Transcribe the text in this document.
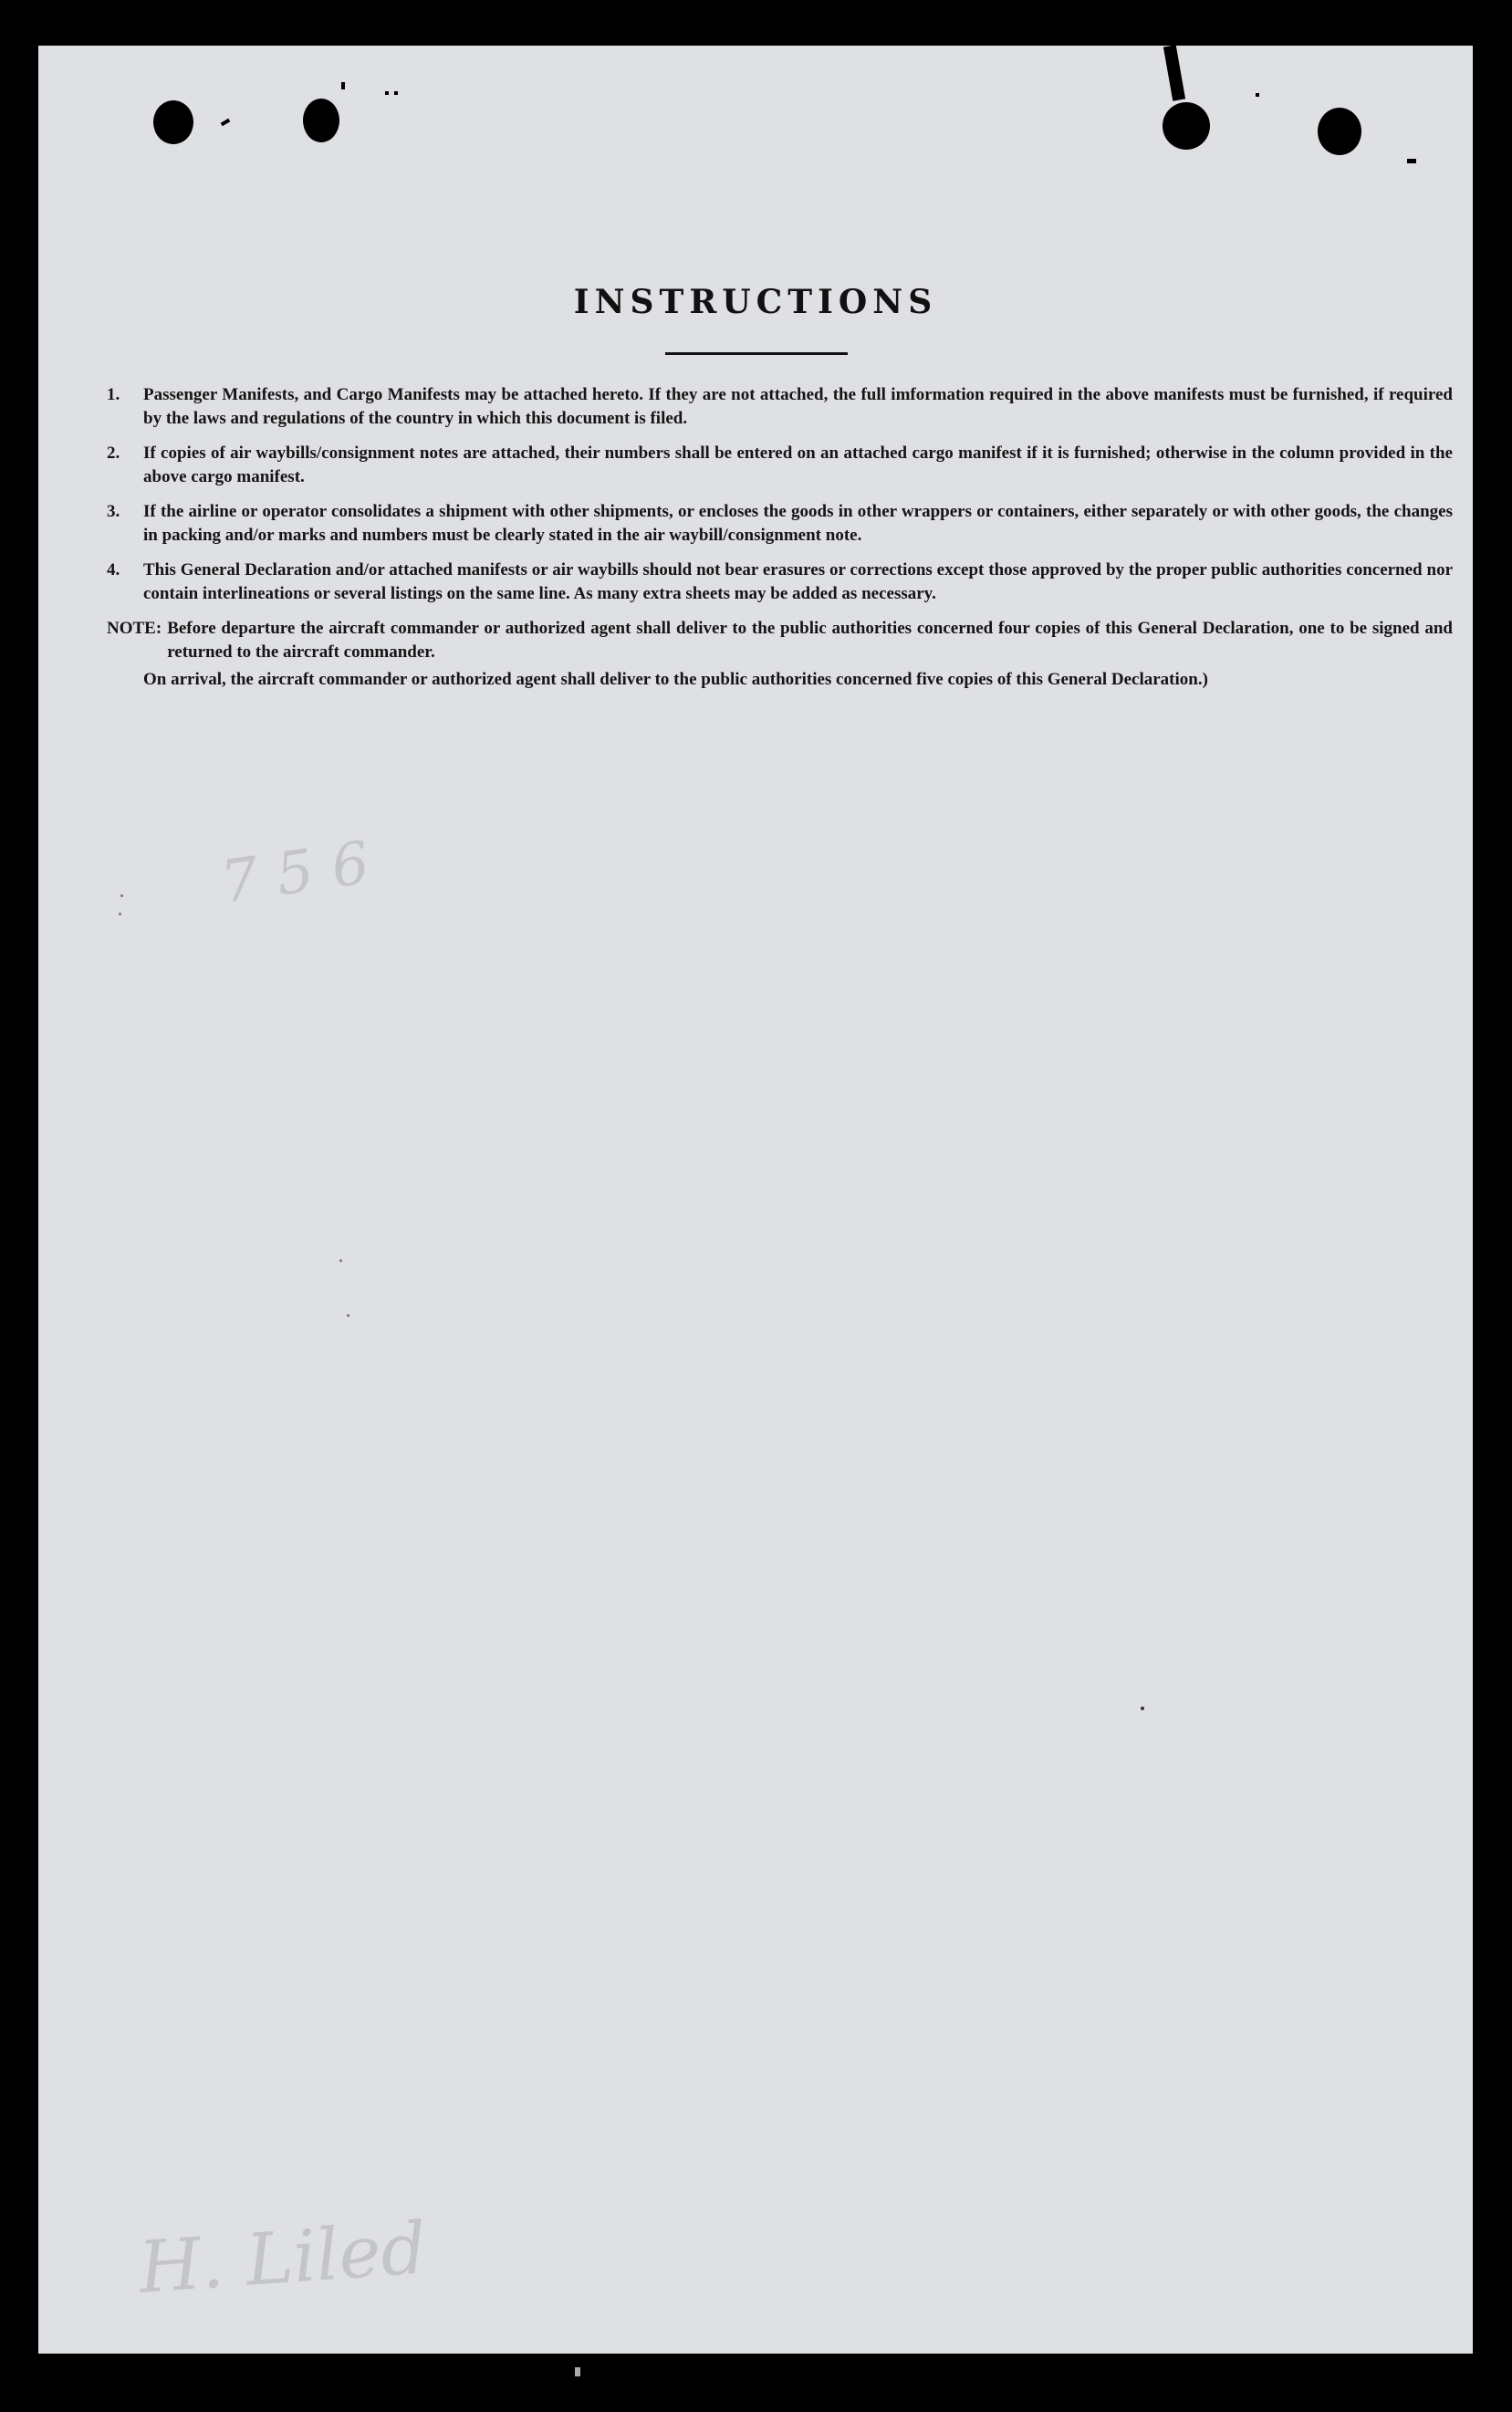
INSTRUCTIONS
1.	Passenger Manifests, and Cargo Manifests may be attached hereto. If they are not attached, the full imformation required in the above manifests must be furnished, if required by the laws and regulations of the country in which this document is filed.
2.	If copies of air waybills/consignment notes are attached, their numbers shall be entered on an attached cargo manifest if it is furnished; otherwise in the column provided in the above cargo manifest.
3.	If the airline or operator consolidates a shipment with other shipments, or encloses the goods in other wrappers or containers, either separately or with other goods, the changes in packing and/or marks and numbers must be clearly stated in the air waybill/consignment note.
4.	This General Declaration and/or attached manifests or air waybills should not bear erasures or corrections except those approved by the proper public authorities concerned nor contain interlineations or several listings on the same line. As many extra sheets may be added as necessary.
NOTE: Before departure the aircraft commander or authorized agent shall deliver to the public authorities concerned four copies of this General Declaration, one to be signed and returned to the aircraft commander.
On arrival, the aircraft commander or authorized agent shall deliver to the public authorities concerned five copies of this General Declaration.)
7 5 6
H. Liled
